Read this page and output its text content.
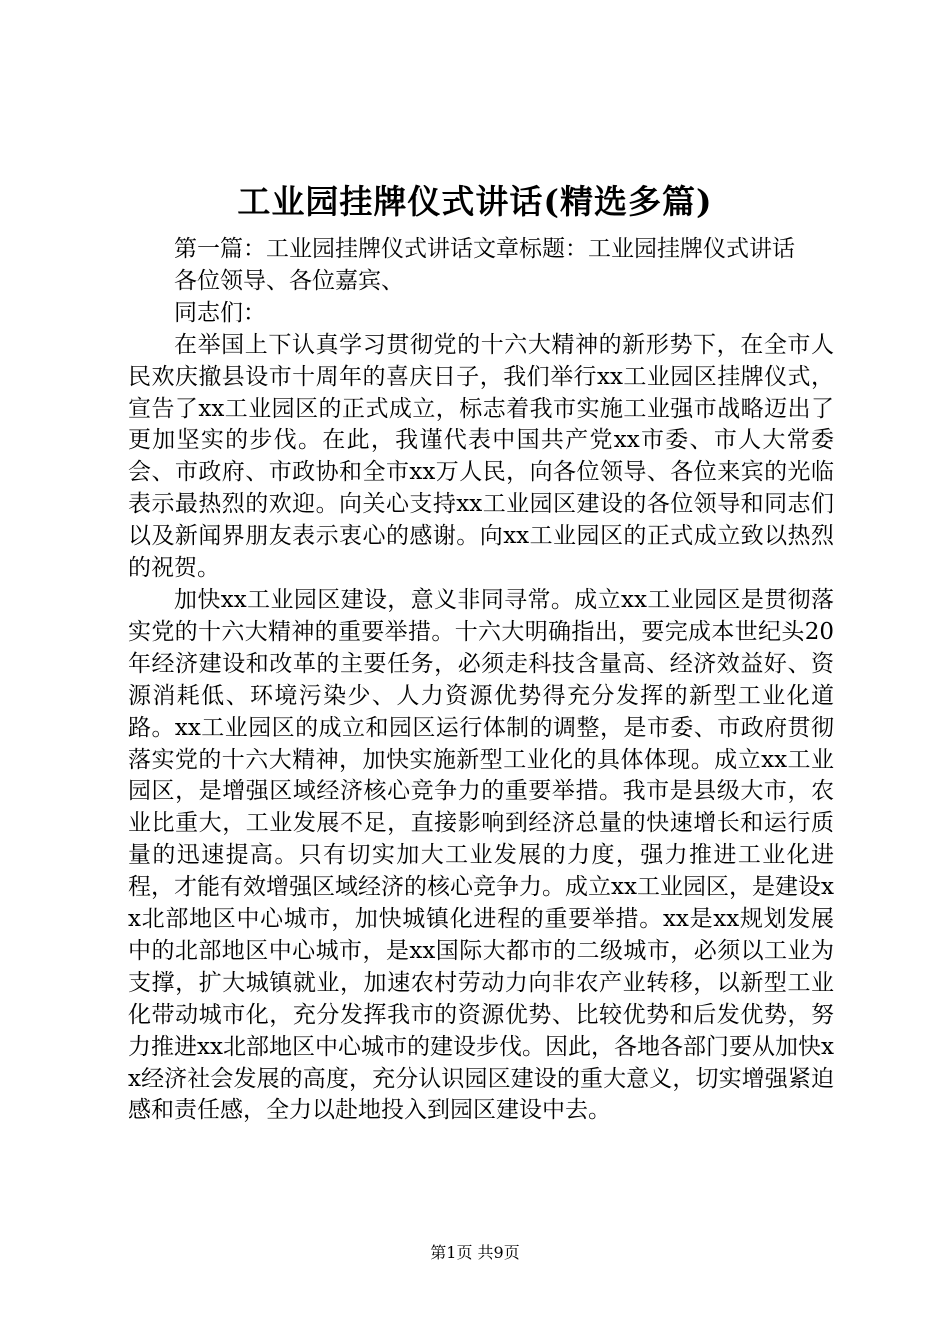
工业园挂牌仪式讲话(精选多篇)

第一篇：工业园挂牌仪式讲话文章标题：工业园挂牌仪式讲话

各位领导、各位嘉宾、

同志们：

在举国上下认真学习贯彻党的十六大精神的新形势下，在全市人民欢庆撤县设市十周年的喜庆日子，我们举行xx工业园区挂牌仪式，宣告了xx工业园区的正式成立，标志着我市实施工业强市战略迈出了更加坚实的步伐。在此，我谨代表中国共产党xx市委、市人大常委会、市政府、市政协和全市xx万人民，向各位领导、各位来宾的光临表示最热烈的欢迎。向关心支持xx工业园区建设的各位领导和同志们以及新闻界朋友表示衷心的感谢。向xx工业园区的正式成立致以热烈的祝贺。

加快xx工业园区建设，意义非同寻常。成立xx工业园区是贯彻落实党的十六大精神的重要举措。十六大明确指出，要完成本世纪头20年经济建设和改革的主要任务，必须走科技含量高、经济效益好、资源消耗低、环境污染少、人力资源优势得充分发挥的新型工业化道路。xx工业园区的成立和园区运行体制的调整，是市委、市政府贯彻落实党的十六大精神，加快实施新型工业化的具体体现。成立xx工业园区，是增强区域经济核心竞争力的重要举措。我市是县级大市，农业比重大，工业发展不足，直接影响到经济总量的快速增长和运行质量的迅速提高。只有切实加大工业发展的力度，强力推进工业化进程，才能有效增强区域经济的核心竞争力。成立xx工业园区，是建设xx北部地区中心城市，加快城镇化进程的重要举措。xx是xx规划发展中的北部地区中心城市，是xx国际大都市的二级城市，必须以工业为支撑，扩大城镇就业，加速农村劳动力向非农产业转移，以新型工业化带动城市化，充分发挥我市的资源优势、比较优势和后发优势，努力推进xx北部地区中心城市的建设步伐。因此，各地各部门要从加快xx经济社会发展的高度，充分认识园区建设的重大意义，切实增强紧迫感和责任感，全力以赴地投入到园区建设中去。

第1页 共9页
